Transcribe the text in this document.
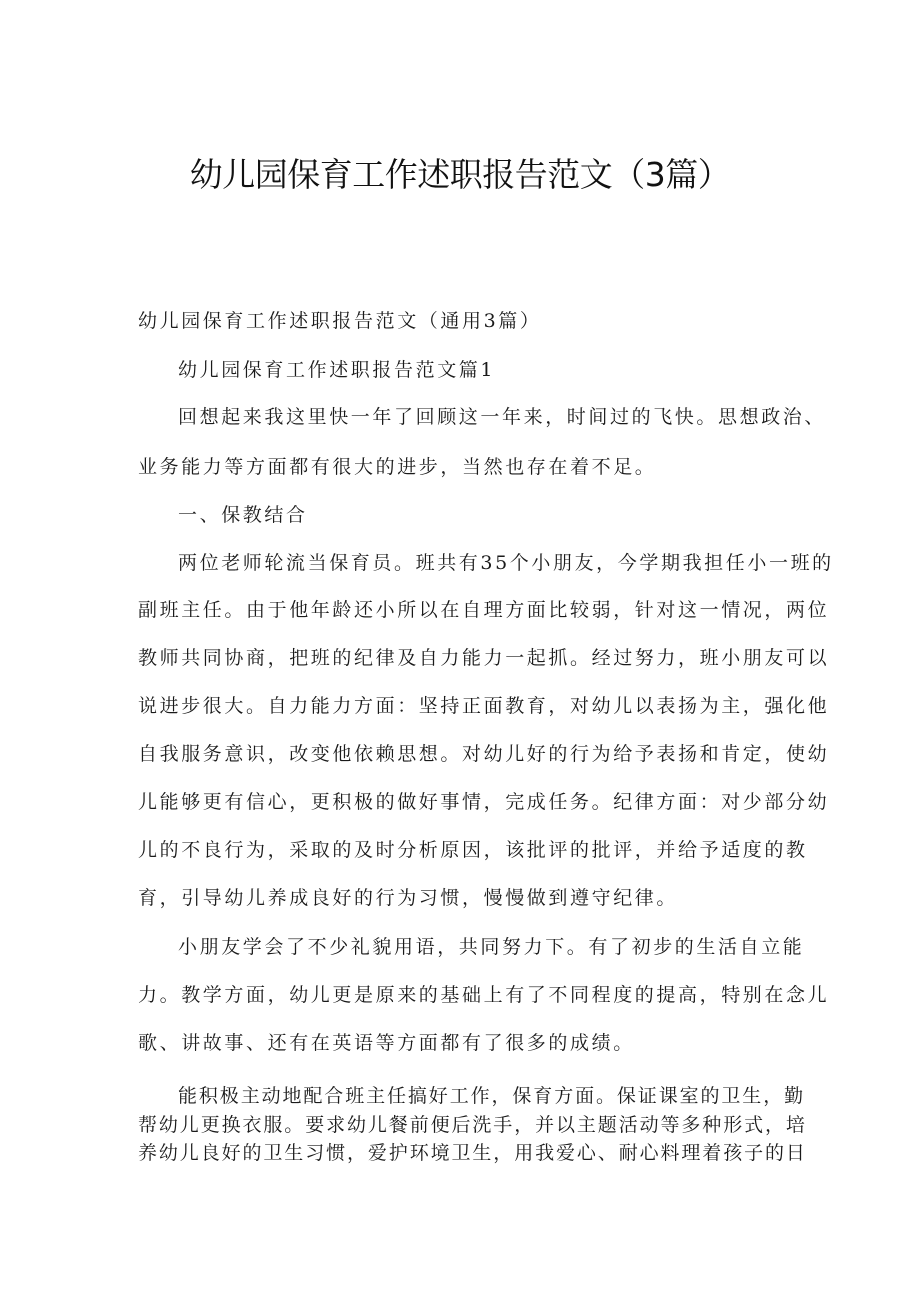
幼儿园保育工作述职报告范文（3篇）

幼儿园保育工作述职报告范文（通用3篇）

幼儿园保育工作述职报告范文篇1

回想起来我这里快一年了回顾这一年来，时间过的飞快。思想政治、

业务能力等方面都有很大的进步，当然也存在着不足。

一、保教结合

两位老师轮流当保育员。班共有35个小朋友，今学期我担任小一班的

副班主任。由于他年龄还小所以在自理方面比较弱，针对这一情况，两位

教师共同协商，把班的纪律及自力能力一起抓。经过努力，班小朋友可以

说进步很大。自力能力方面：坚持正面教育，对幼儿以表扬为主，强化他

自我服务意识，改变他依赖思想。对幼儿好的行为给予表扬和肯定，使幼

儿能够更有信心，更积极的做好事情，完成任务。纪律方面：对少部分幼

儿的不良行为，采取的及时分析原因，该批评的批评，并给予适度的教

育，引导幼儿养成良好的行为习惯，慢慢做到遵守纪律。

小朋友学会了不少礼貌用语，共同努力下。有了初步的生活自立能

力。教学方面，幼儿更是原来的基础上有了不同程度的提高，特别在念儿

歌、讲故事、还有在英语等方面都有了很多的成绩。

能积极主动地配合班主任搞好工作，保育方面。保证课室的卫生，勤

帮幼儿更换衣服。要求幼儿餐前便后洗手，并以主题活动等多种形式，培

养幼儿良好的卫生习惯，爱护环境卫生，用我爱心、耐心料理着孩子的日
